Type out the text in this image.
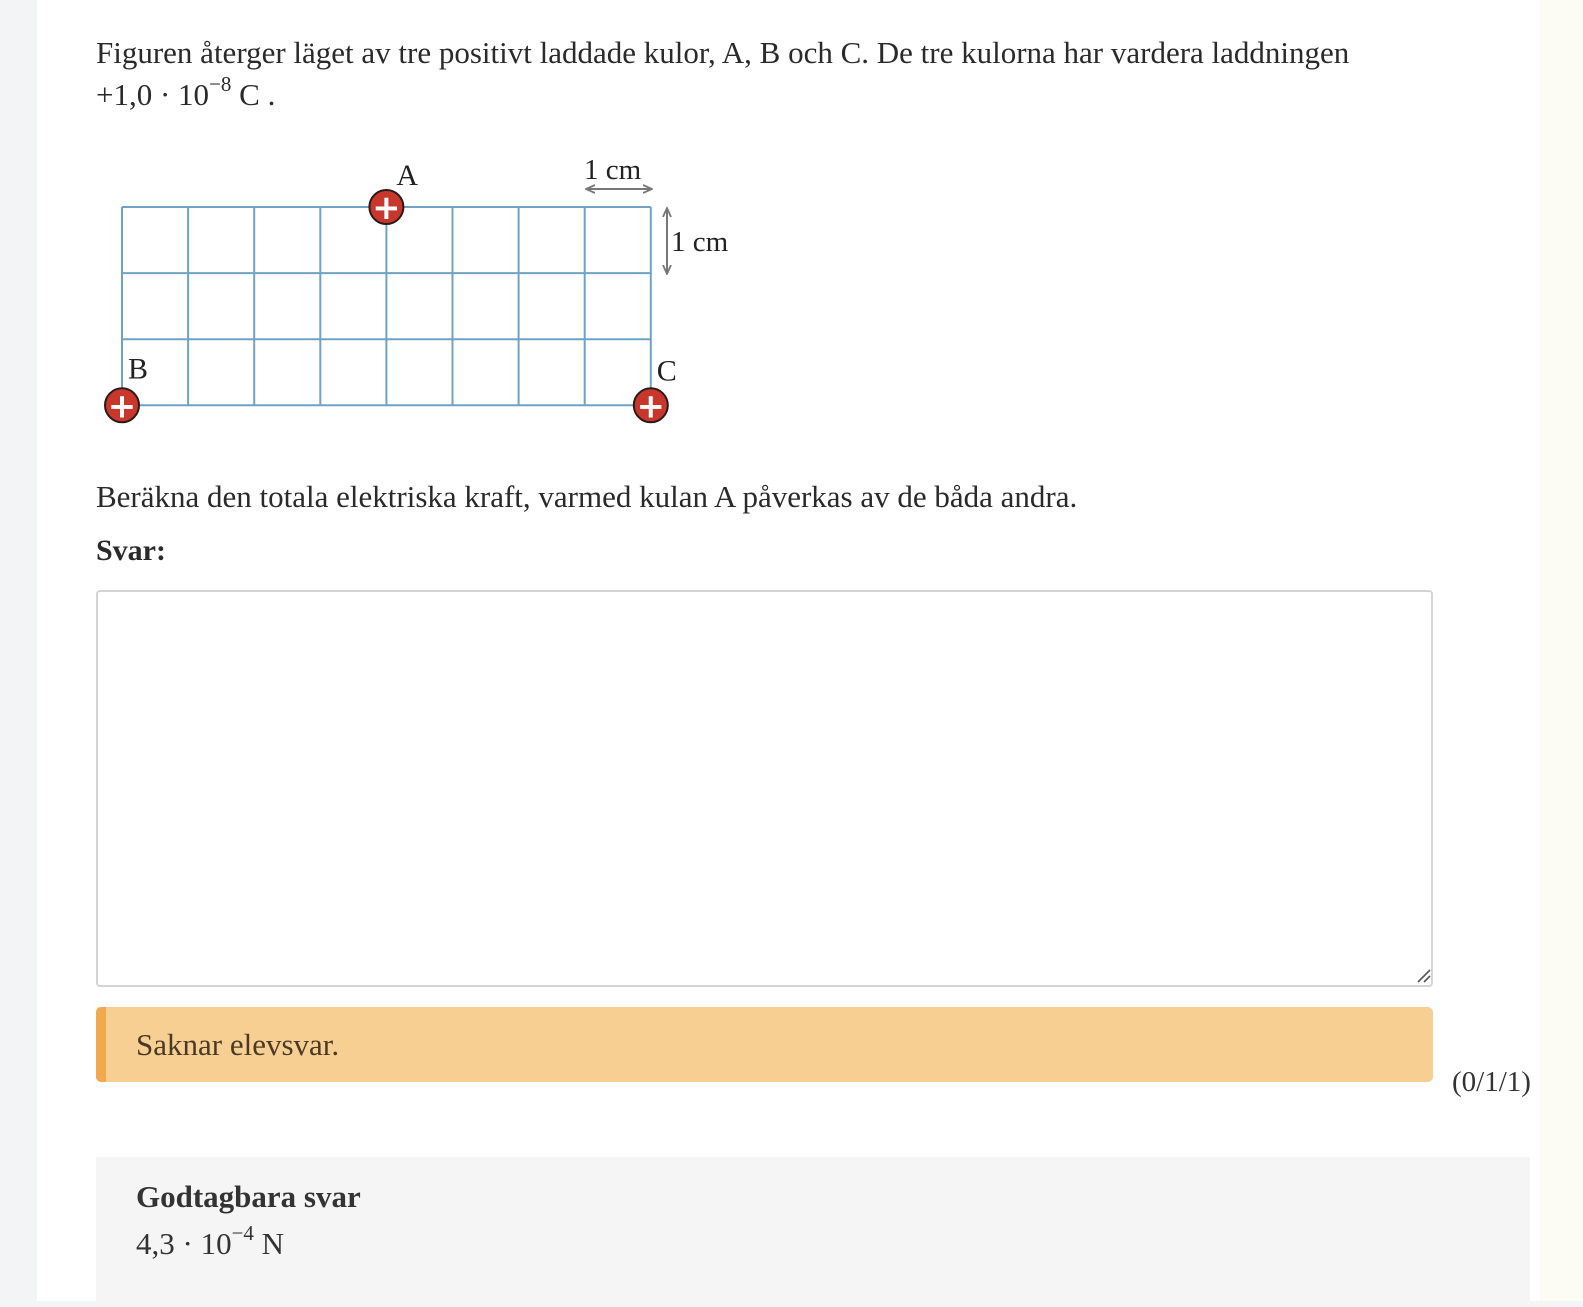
Figuren återger läget av tre positivt laddade kulor, A, B och C. De tre kulorna har vardera laddningen
$+1,0 \cdot 10^{-8}$ C .
1 cm
1 cm
+
A
+
B
+
C
Beräkna den totala elektriska kraft, varmed kulan A påverkas av de båda andra.
Svar:
Saknar elevsvar.
(0/1/1)
Godtagbara svar
$4,3 \cdot 10^{-4}$ N
